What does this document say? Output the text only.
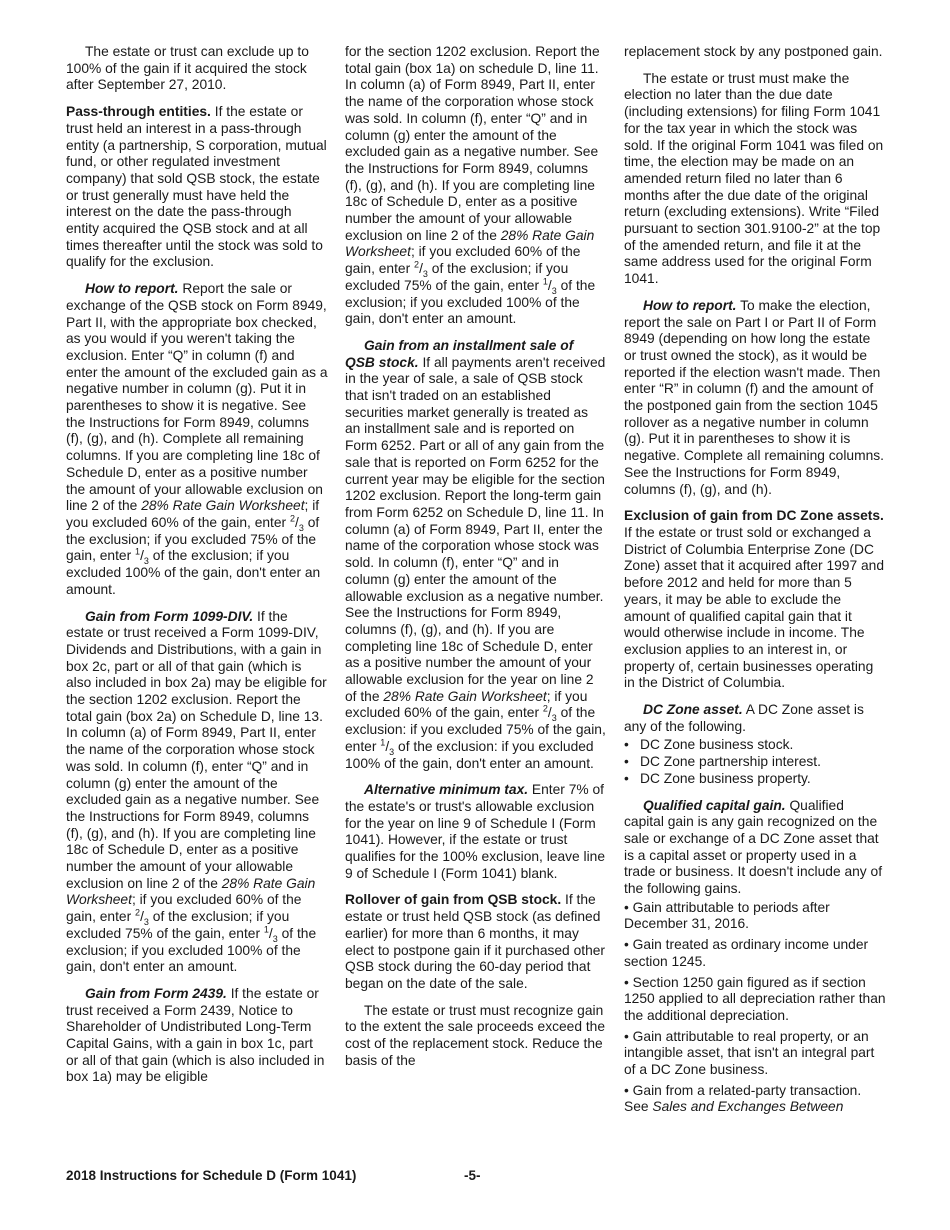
The estate or trust can exclude up to 100% of the gain if it acquired the stock after September 27, 2010.

Pass-through entities. If the estate or trust held an interest in a pass-through entity (a partnership, S corporation, mutual fund, or other regulated investment company) that sold QSB stock, the estate or trust generally must have held the interest on the date the pass-through entity acquired the QSB stock and at all times thereafter until the stock was sold to qualify for the exclusion.

How to report. Report the sale or exchange of the QSB stock on Form 8949, Part II, with the appropriate box checked, as you would if you weren't taking the exclusion. Enter “Q” in column (f) and enter the amount of the excluded gain as a negative number in column (g). Put it in parentheses to show it is negative. See the Instructions for Form 8949, columns (f), (g), and (h). Complete all remaining columns. If you are completing line 18c of Schedule D, enter as a positive number the amount of your allowable exclusion on line 2 of the 28% Rate Gain Worksheet; if you excluded 60% of the gain, enter $^2/_3$ of the exclusion; if you excluded 75% of the gain, enter $^1/_3$ of the exclusion; if you excluded 100% of the gain, don't enter an amount.

Gain from Form 1099-DIV. If the estate or trust received a Form 1099-DIV, Dividends and Distributions, with a gain in box 2c, part or all of that gain (which is also included in box 2a) may be eligible for the section 1202 exclusion. Report the total gain (box 2a) on Schedule D, line 13. In column (a) of Form 8949, Part II, enter the name of the corporation whose stock was sold. In column (f), enter “Q” and in column (g) enter the amount of the excluded gain as a negative number. See the Instructions for Form 8949, columns (f), (g), and (h). If you are completing line 18c of Schedule D, enter as a positive number the amount of your allowable exclusion on line 2 of the 28% Rate Gain Worksheet; if you excluded 60% of the gain, enter $^2/_3$ of the exclusion; if you excluded 75% of the gain, enter $^1/_3$ of the exclusion; if you excluded 100% of the gain, don't enter an amount.

Gain from Form 2439. If the estate or trust received a Form 2439, Notice to Shareholder of Undistributed Long-Term Capital Gains, with a gain in box 1c, part or all of that gain (which is also included in box 1a) may be eligible

for the section 1202 exclusion. Report the total gain (box 1a) on schedule D, line 11. In column (a) of Form 8949, Part II, enter the name of the corporation whose stock was sold. In column (f), enter “Q” and in column (g) enter the amount of the excluded gain as a negative number. See the Instructions for Form 8949, columns (f), (g), and (h). If you are completing line 18c of Schedule D, enter as a positive number the amount of your allowable exclusion on line 2 of the 28% Rate Gain Worksheet; if you excluded 60% of the gain, enter $^2/_3$ of the exclusion; if you excluded 75% of the gain, enter $^1/_3$ of the exclusion; if you excluded 100% of the gain, don't enter an amount.

Gain from an installment sale of QSB stock. If all payments aren't received in the year of sale, a sale of QSB stock that isn't traded on an established securities market generally is treated as an installment sale and is reported on Form 6252. Part or all of any gain from the sale that is reported on Form 6252 for the current year may be eligible for the section 1202 exclusion. Report the long-term gain from Form 6252 on Schedule D, line 11. In column (a) of Form 8949, Part II, enter the name of the corporation whose stock was sold. In column (f), enter “Q” and in column (g) enter the amount of the allowable exclusion as a negative number. See the Instructions for Form 8949, columns (f), (g), and (h). If you are completing line 18c of Schedule D, enter as a positive number the amount of your allowable exclusion for the year on line 2 of the 28% Rate Gain Worksheet; if you excluded 60% of the gain, enter $^2/_3$ of the exclusion: if you excluded 75% of the gain, enter $^1/_3$ of the exclusion: if you excluded 100% of the gain, don't enter an amount.

Alternative minimum tax. Enter 7% of the estate's or trust's allowable exclusion for the year on line 9 of Schedule I (Form 1041). However, if the estate or trust qualifies for the 100% exclusion, leave line 9 of Schedule I (Form 1041) blank.

Rollover of gain from QSB stock. If the estate or trust held QSB stock (as defined earlier) for more than 6 months, it may elect to postpone gain if it purchased other QSB stock during the 60-day period that began on the date of the sale.

The estate or trust must recognize gain to the extent the sale proceeds exceed the cost of the replacement stock. Reduce the basis of the

replacement stock by any postponed gain.

The estate or trust must make the election no later than the due date (including extensions) for filing Form 1041 for the tax year in which the stock was sold. If the original Form 1041 was filed on time, the election may be made on an amended return filed no later than 6 months after the due date of the original return (excluding extensions). Write “Filed pursuant to section 301.9100-2” at the top of the amended return, and file it at the same address used for the original Form 1041.

How to report. To make the election, report the sale on Part I or Part II of Form 8949 (depending on how long the estate or trust owned the stock), as it would be reported if the election wasn't made. Then enter “R” in column (f) and the amount of the postponed gain from the section 1045 rollover as a negative number in column (g). Put it in parentheses to show it is negative. Complete all remaining columns. See the Instructions for Form 8949, columns (f), (g), and (h).

Exclusion of gain from DC Zone assets. If the estate or trust sold or exchanged a District of Columbia Enterprise Zone (DC Zone) asset that it acquired after 1997 and before 2012 and held for more than 5 years, it may be able to exclude the amount of qualified capital gain that it would otherwise include in income. The exclusion applies to an interest in, or property of, certain businesses operating in the District of Columbia.

DC Zone asset. A DC Zone asset is any of the following.

• DC Zone business stock.
• DC Zone partnership interest.
• DC Zone business property.

Qualified capital gain. Qualified capital gain is any gain recognized on the sale or exchange of a DC Zone asset that is a capital asset or property used in a trade or business. It doesn't include any of the following gains.

• Gain attributable to periods after December 31, 2016.

• Gain treated as ordinary income under section 1245.

• Section 1250 gain figured as if section 1250 applied to all depreciation rather than the additional depreciation.

• Gain attributable to real property, or an intangible asset, that isn't an integral part of a DC Zone business.

• Gain from a related-party transaction. See Sales and Exchanges Between

2018 Instructions for Schedule D (Form 1041)	-5-
